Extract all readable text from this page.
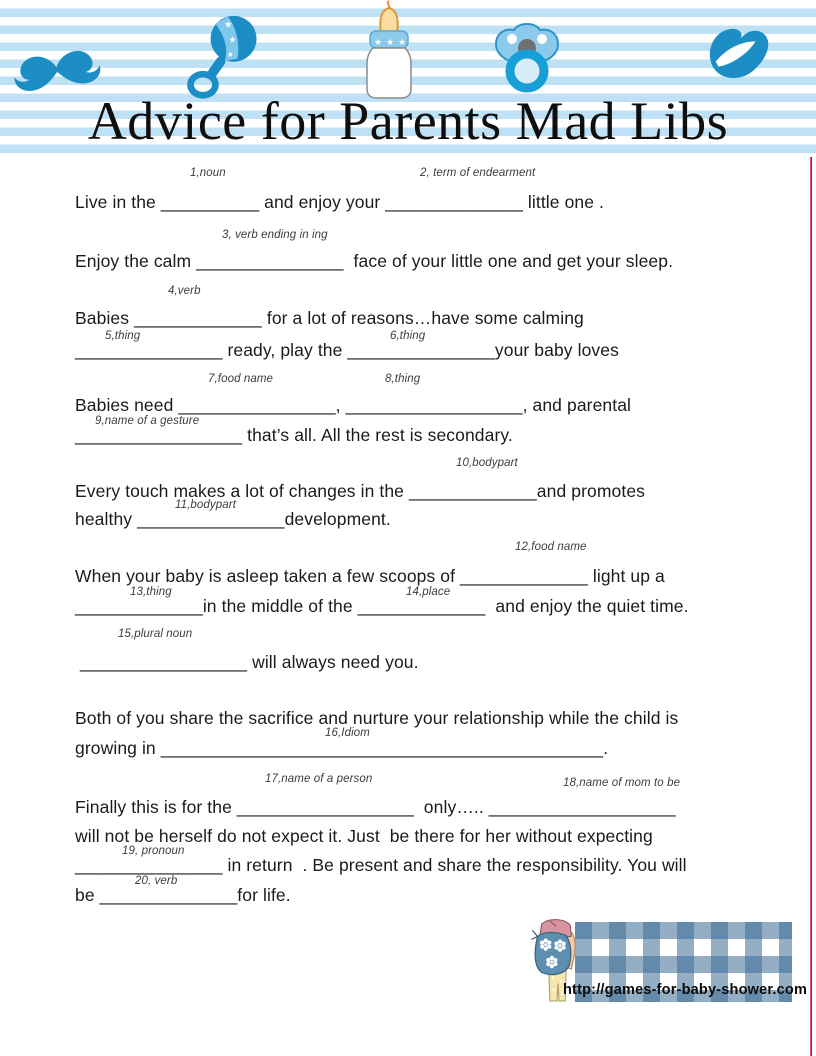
★
★
★
★ ★ ★
Advice for Parents Mad Libs
1,noun	2, term of endearment
Live in the __________ and enjoy your ______________ little one .
3, verb ending in ing
Enjoy the calm _______________  face of your little one and get your sleep.
4,verb
Babies _____________ for a lot of reasons…have some calming
5,thing	6,thing
_______________ ready, play the _______________your baby loves
7,food name	8,thing
Babies need ________________, __________________, and parental
9,name of a gesture
_________________ that’s all. All the rest is secondary.
10,bodypart
Every touch makes a lot of changes in the _____________and promotes
11,bodypart
healthy _______________development.
12,food name
When your baby is asleep taken a few scoops of _____________ light up a
13,thing	14,place
_____________in the middle of the _____________  and enjoy the quiet time.
15,plural noun
_________________ will always need you.
Both of you share the sacrifice and nurture your relationship while the child is
16,Idiom
growing in _____________________________________________.
17,name of a person	18,name of mom to be
Finally this is for the __________________  only….. ___________________
will not be herself do not expect it. Just  be there for her without expecting
19, pronoun
_______________ in return  . Be present and share the responsibility. You will
20, verb
be ______________for life.
http://games-for-baby-shower.com
